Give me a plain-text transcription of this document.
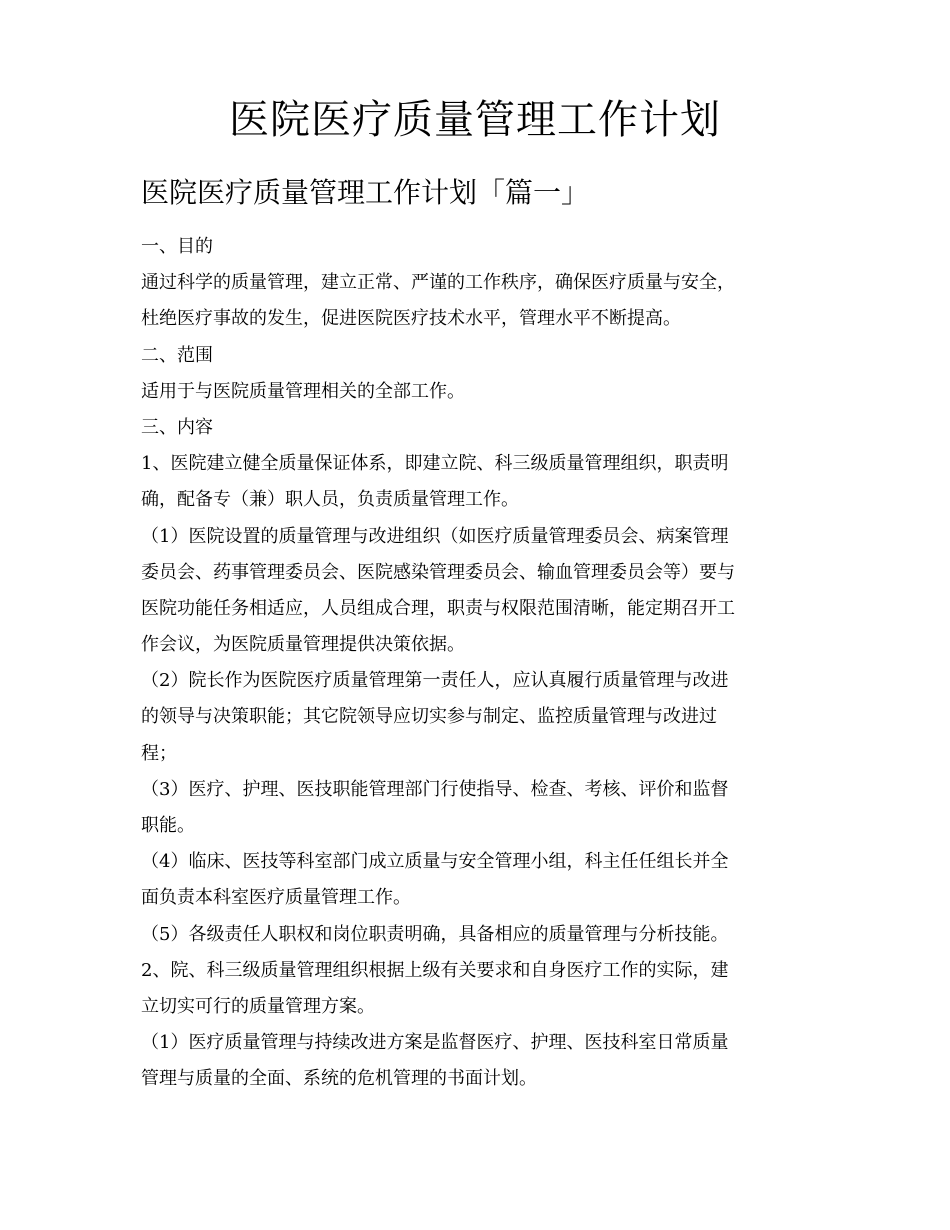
医院医疗质量管理工作计划
医院医疗质量管理工作计划「篇一」
一、目的
通过科学的质量管理，建立正常、严谨的工作秩序，确保医疗质量与安全，
杜绝医疗事故的发生，促进医院医疗技术水平，管理水平不断提高。
二、范围
适用于与医院质量管理相关的全部工作。
三、内容
1、医院建立健全质量保证体系，即建立院、科三级质量管理组织，职责明
确，配备专（兼）职人员，负责质量管理工作。
（1）医院设置的质量管理与改进组织（如医疗质量管理委员会、病案管理
委员会、药事管理委员会、医院感染管理委员会、输血管理委员会等）要与
医院功能任务相适应，人员组成合理，职责与权限范围清晰，能定期召开工
作会议，为医院质量管理提供决策依据。
（2）院长作为医院医疗质量管理第一责任人，应认真履行质量管理与改进
的领导与决策职能；其它院领导应切实参与制定、监控质量管理与改进过
程；
（3）医疗、护理、医技职能管理部门行使指导、检查、考核、评价和监督
职能。
（4）临床、医技等科室部门成立质量与安全管理小组，科主任任组长并全
面负责本科室医疗质量管理工作。
（5）各级责任人职权和岗位职责明确，具备相应的质量管理与分析技能。
2、院、科三级质量管理组织根据上级有关要求和自身医疗工作的实际，建
立切实可行的质量管理方案。
（1）医疗质量管理与持续改进方案是监督医疗、护理、医技科室日常质量
管理与质量的全面、系统的危机管理的书面计划。
